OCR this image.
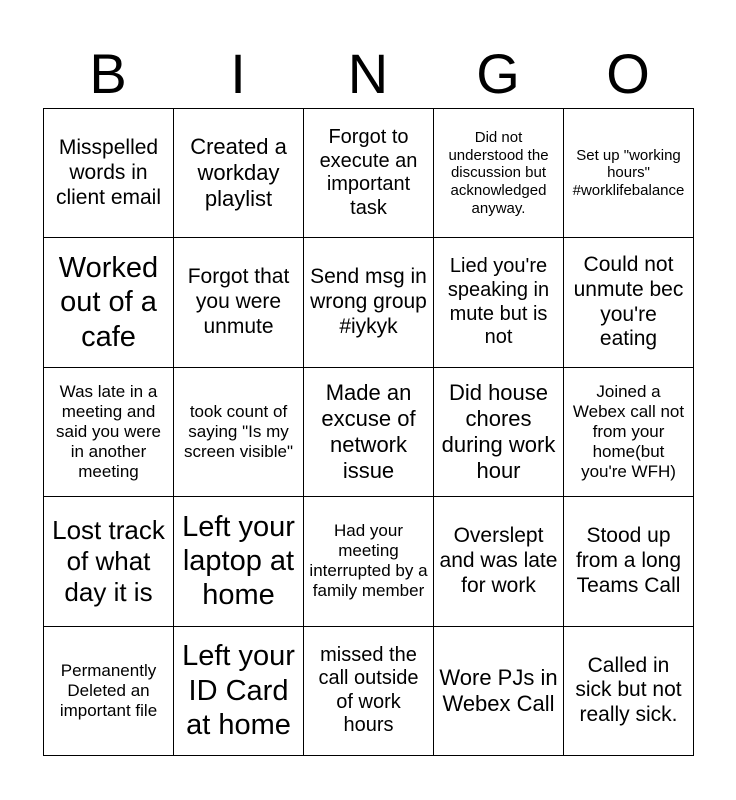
B	I	N	G	O
Misspelled words in client email	Created a workday playlist	Forgot to execute an important task	Did not understood the discussion but acknowledged anyway.	Set up "working hours" #worklifebalance
Worked out of a cafe	Forgot that you were unmute	Send msg in wrong group #iykyk	Lied you're speaking in mute but is not	Could not unmute bec you're eating
Was late in a meeting and said you were in another meeting	took count of saying "Is my screen visible"	Made an excuse of network issue	Did house chores during work hour	Joined a Webex call not from your home(but you're WFH)
Lost track of what day it is	Left your laptop at home	Had your meeting interrupted by a family member	Overslept and was late for work	Stood up from a long Teams Call
Permanently Deleted an important file	Left your ID Card at home	missed the call outside of work hours	Wore PJs in Webex Call	Called in sick but not really sick.
